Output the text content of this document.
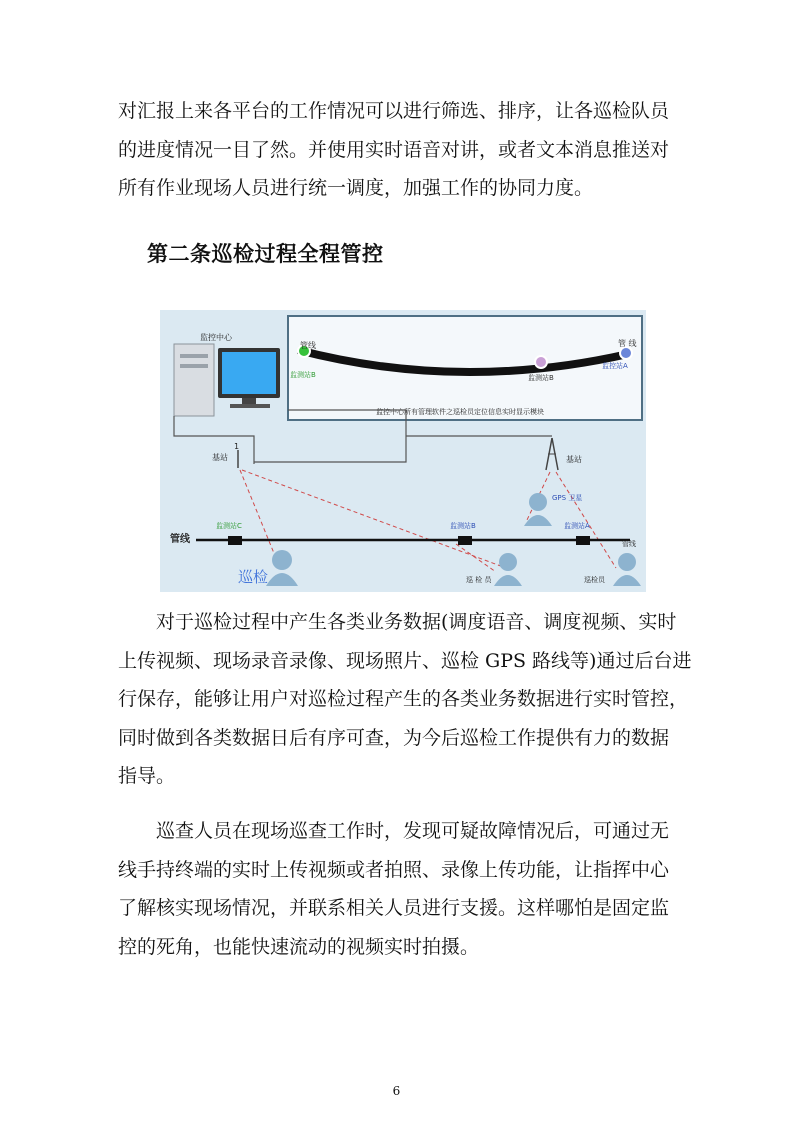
对汇报上来各平台的工作情况可以进行筛选、排序，让各巡检队员
的进度情况一目了然。并使用实时语音对讲，或者文本消息推送对
所有作业现场人员进行统一调度，加强工作的协同力度。
第二条巡检过程全程管控
管线	管 线
监测站B	监测站B
监控站A
监控中心所有管理软件之巡检员定位信息实时显示模块
监控中心
1
基站	基站
GPS 卫星
管线	管线
监测站C	监测站B	监测站A
巡检	巡 检 员	巡检员
对于巡检过程中产生各类业务数据(调度语音、调度视频、实时
上传视频、现场录音录像、现场照片、巡检 GPS 路线等)通过后台进
行保存，能够让用户对巡检过程产生的各类业务数据进行实时管控，
同时做到各类数据日后有序可查，为今后巡检工作提供有力的数据
指导。
巡查人员在现场巡查工作时，发现可疑故障情况后，可通过无
线手持终端的实时上传视频或者拍照、录像上传功能，让指挥中心
了解核实现场情况，并联系相关人员进行支援。这样哪怕是固定监
控的死角，也能快速流动的视频实时拍摄。
6
